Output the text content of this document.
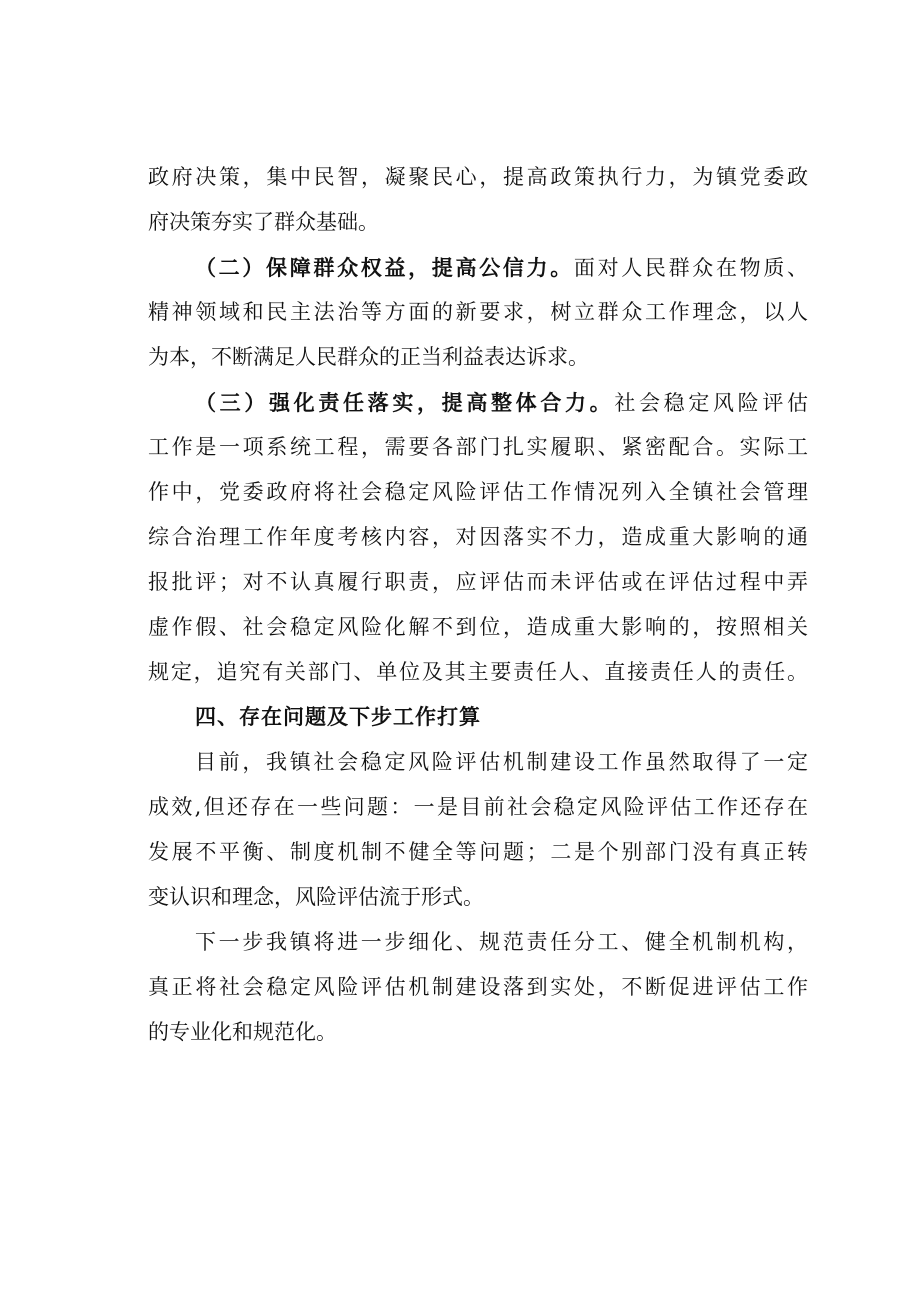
政府决策，集中民智，凝聚民心，提高政策执行力，为镇党委政
府决策夯实了群众基础。
（二）保障群众权益，提高公信力。面对人民群众在物质、
精神领域和民主法治等方面的新要求，树立群众工作理念，以人
为本，不断满足人民群众的正当利益表达诉求。
（三）强化责任落实，提高整体合力。社会稳定风险评估
工作是一项系统工程，需要各部门扎实履职、紧密配合。实际工
作中，党委政府将社会稳定风险评估工作情况列入全镇社会管理
综合治理工作年度考核内容，对因落实不力，造成重大影响的通
报批评；对不认真履行职责，应评估而未评估或在评估过程中弄
虚作假、社会稳定风险化解不到位，造成重大影响的，按照相关
规定，追究有关部门、单位及其主要责任人、直接责任人的责任。
四、存在问题及下步工作打算
目前，我镇社会稳定风险评估机制建设工作虽然取得了一定
成效,但还存在一些问题：一是目前社会稳定风险评估工作还存在
发展不平衡、制度机制不健全等问题；二是个别部门没有真正转
变认识和理念，风险评估流于形式。
下一步我镇将进一步细化、规范责任分工、健全机制机构，
真正将社会稳定风险评估机制建设落到实处，不断促进评估工作
的专业化和规范化。
